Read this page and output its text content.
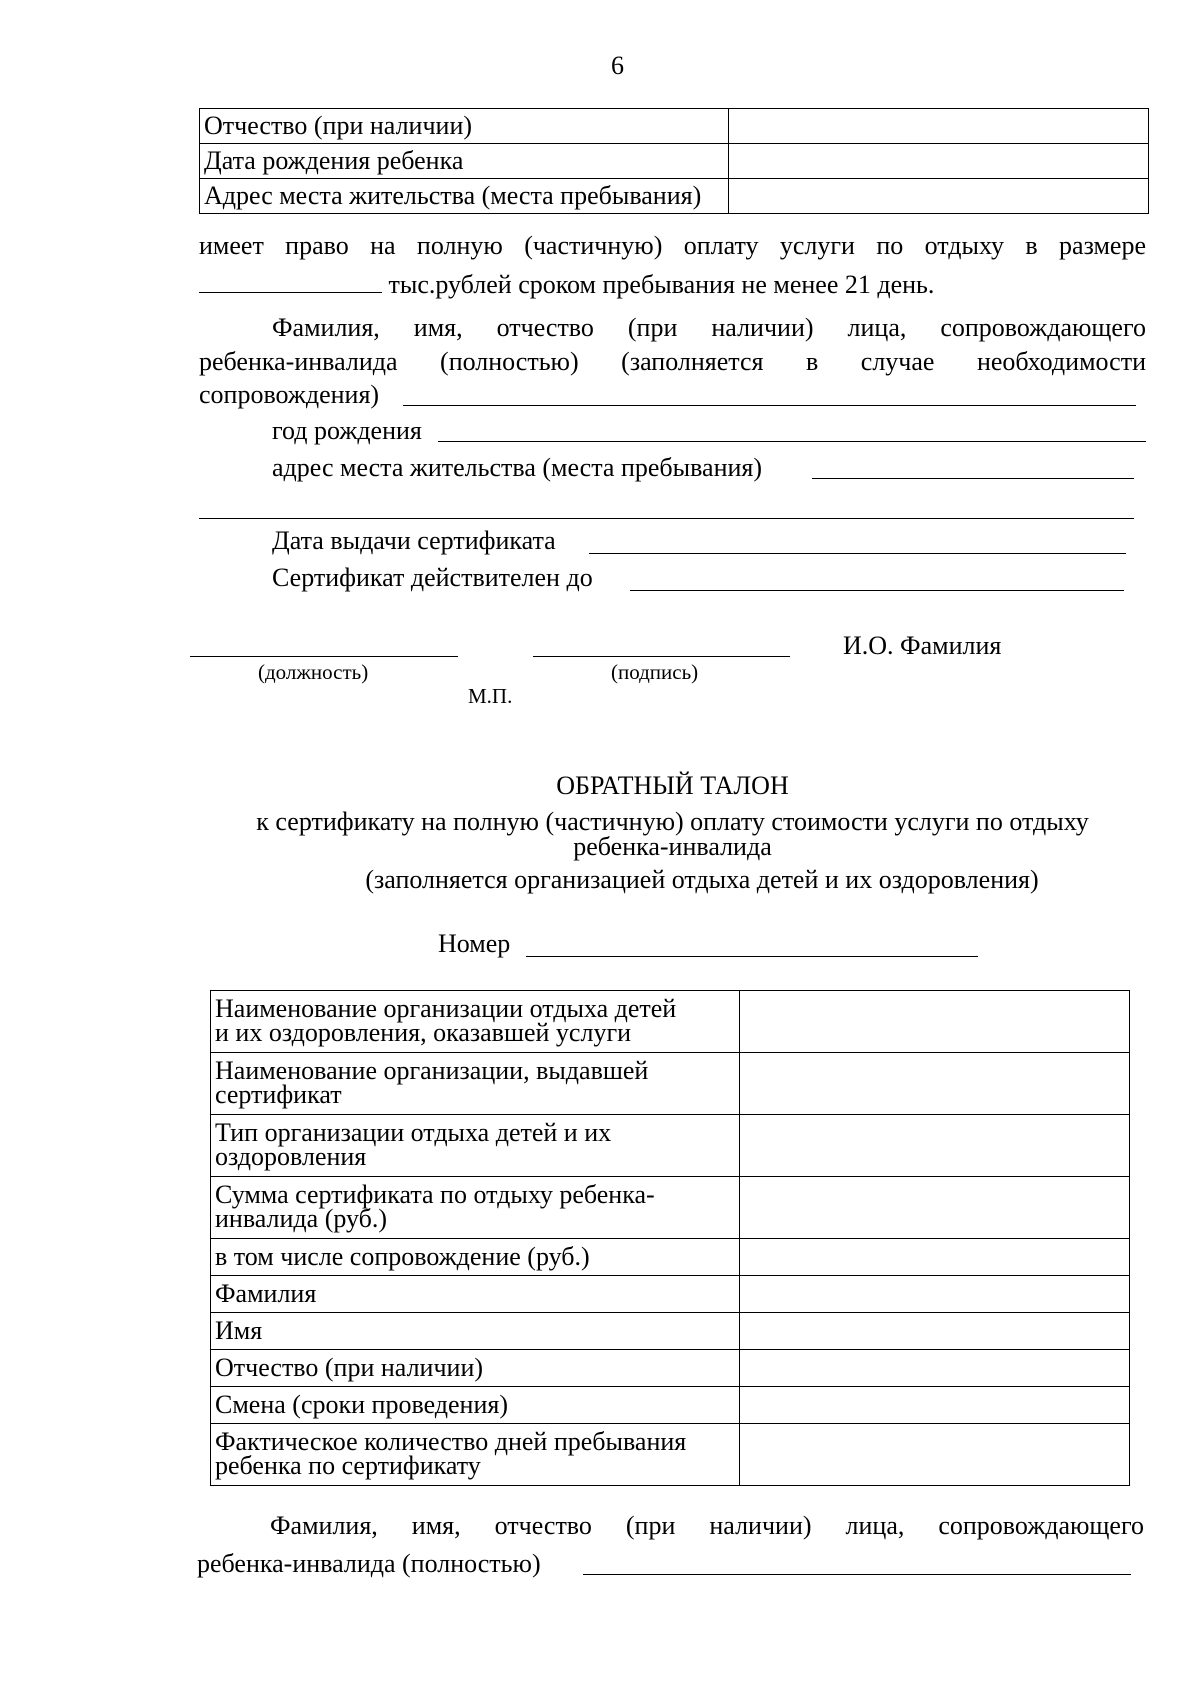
6
Отчество (при наличии)	
Дата рождения ребенка	
Адрес места жительства (места пребывания)	
имеет право на полную (частичную) оплату услуги по отдыху в размере
тыс.рублей сроком пребывания не менее 21 день.
Фамилия, имя, отчество (при наличии) лица, сопровождающего
ребенка-инвалида (полностью) (заполняется в случае необходимости
сопровождения)
год рождения
адрес места жительства (места пребывания)
Дата выдачи сертификата
Сертификат действителен до
И.О. Фамилия
(должность)	(подпись)
М.П.
ОБРАТНЫЙ ТАЛОН
к сертификату на полную (частичную) оплату стоимости услуги по отдыху
ребенка-инвалида
(заполняется организацией отдыха детей и их оздоровления)
Номер
Наименование организации отдыха детей
и их оздоровления, оказавшей услуги	

Наименование организации, выдавшей
сертификат	

Тип организации отдыха детей и их
оздоровления	

Сумма сертификата по отдыху ребенка-
инвалида (руб.)	

в том числе сопровождение (руб.)	
Фамилия	
Имя	
Отчество (при наличии)	
Смена (сроки проведения)	

Фактическое количество дней пребывания
ребенка по сертификату	

Фамилия, имя, отчество (при наличии) лица, сопровождающего
ребенка-инвалида (полностью)
